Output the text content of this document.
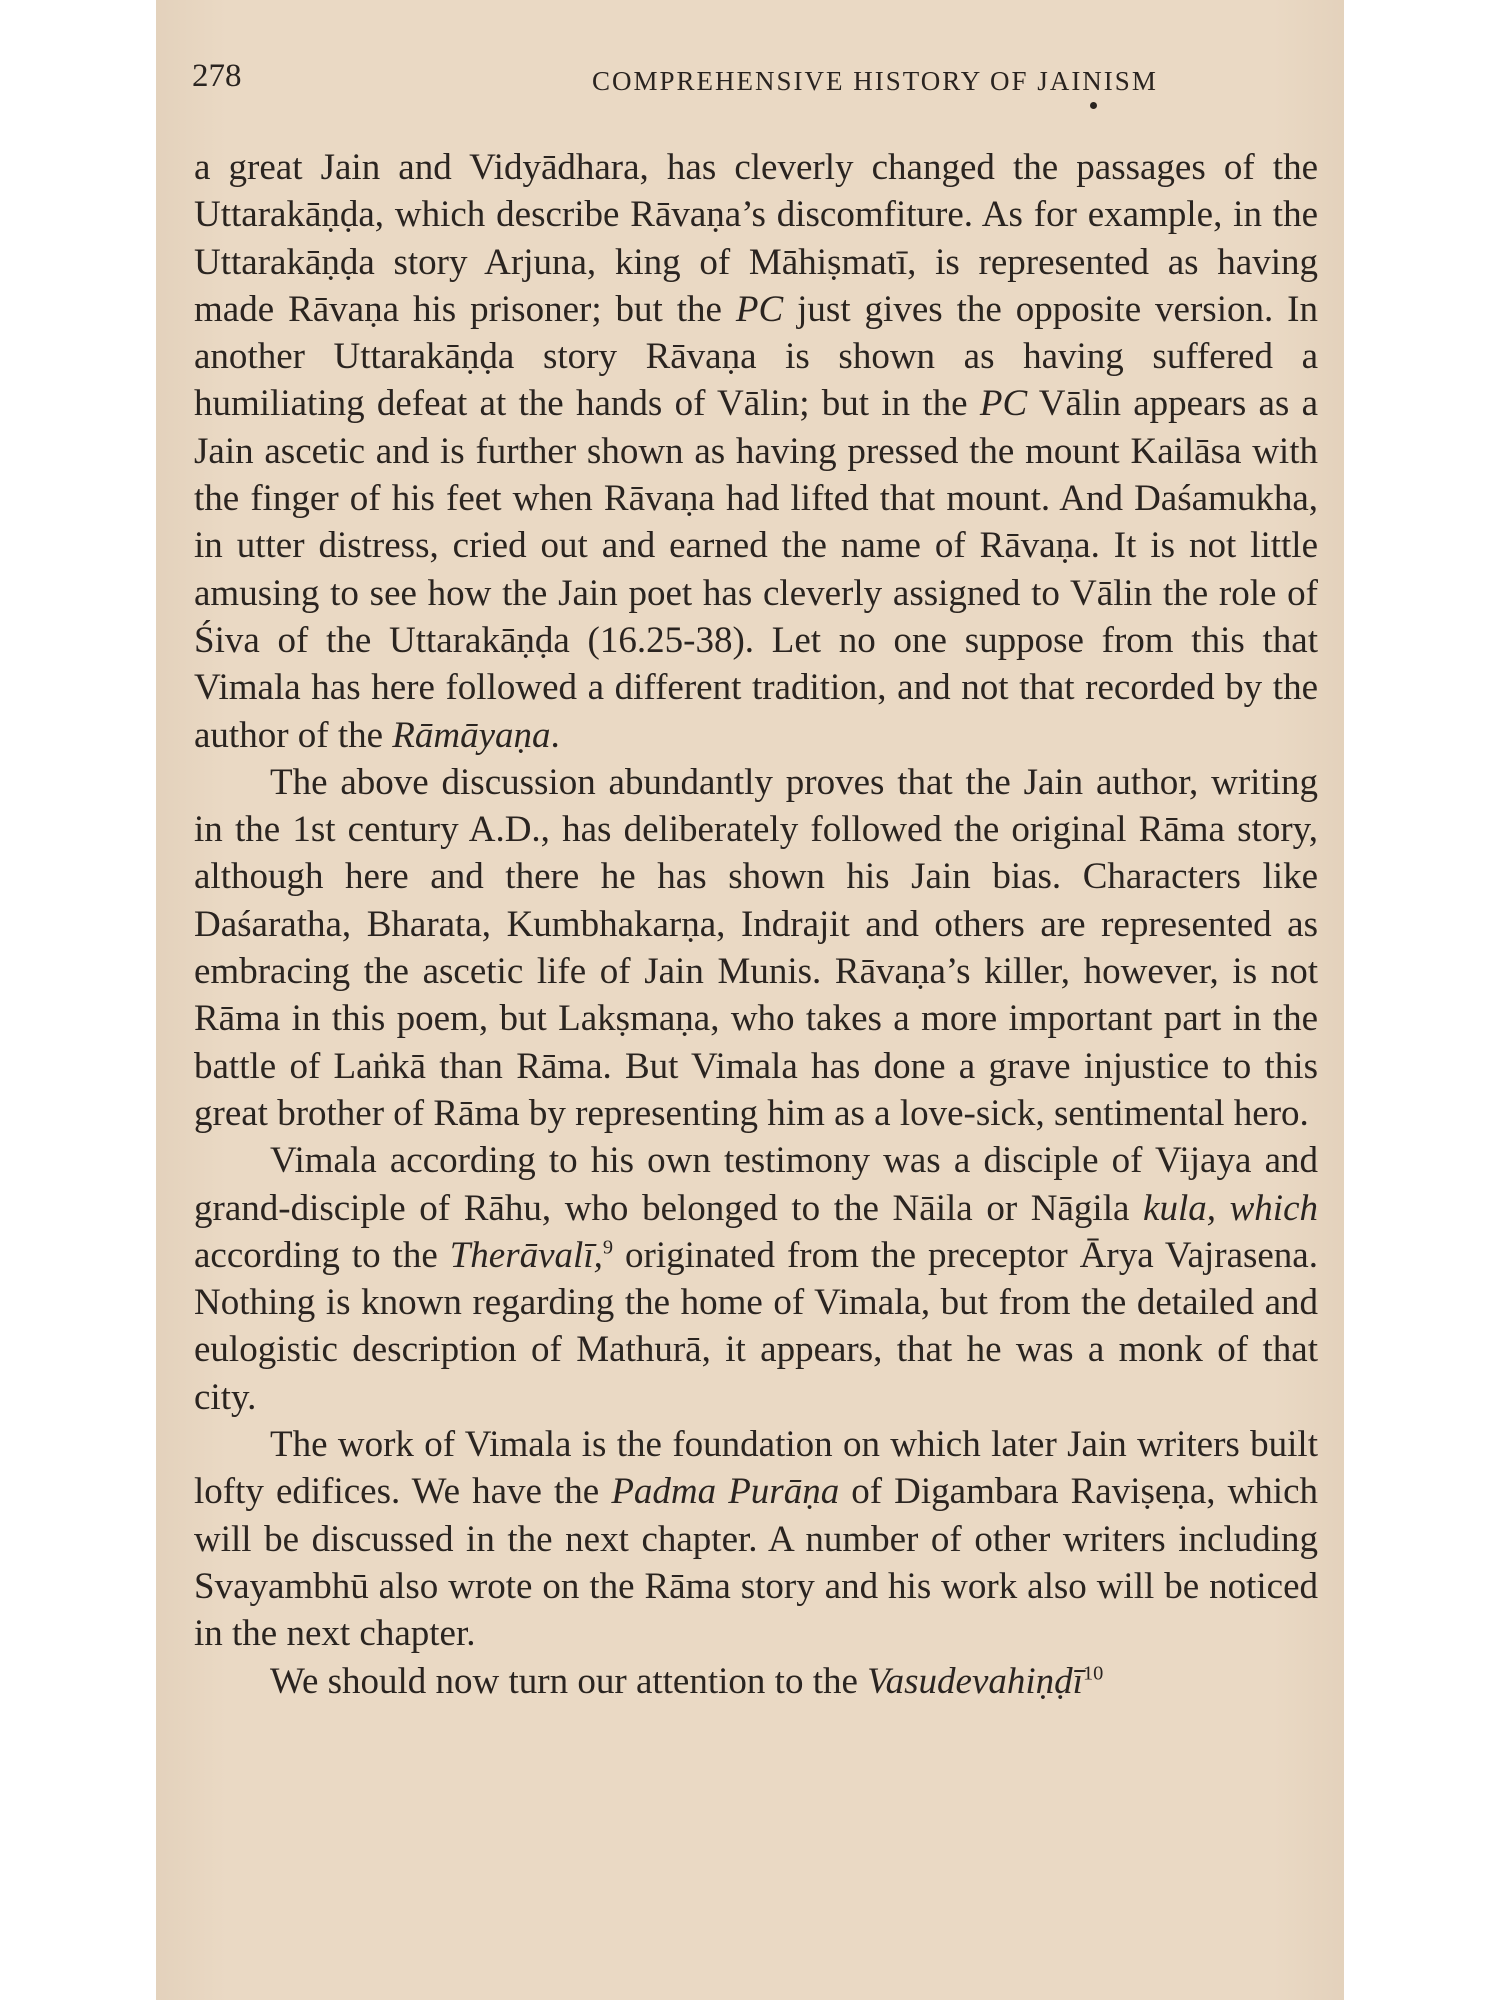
278	COMPREHENSIVE HISTORY OF JAINISM

a great Jain and Vidyādhara, has cleverly changed the passages of the Uttarakāṇḍa, which describe Rāvaṇa’s discomfiture. As for example, in the Uttarakāṇḍa story Arjuna, king of Māhiṣmatī, is represented as having made Rāvaṇa his prisoner; but the PC just gives the opposite version. In another Uttarakāṇḍa story Rāvaṇa is shown as having suffered a humiliating defeat at the hands of Vālin; but in the PC Vālin appears as a Jain ascetic and is further shown as having pressed the mount Kailāsa with the finger of his feet when Rāvaṇa had lifted that mount. And Daśamukha, in utter distress, cried out and earned the name of Rāvaṇa. It is not little amusing to see how the Jain poet has cleverly assigned to Vālin the role of Śiva of the Uttarakāṇḍa (16.25-38). Let no one suppose from this that Vimala has here followed a different tradition, and not that recorded by the author of the Rāmāyaṇa.

The above discussion abundantly proves that the Jain author, writing in the 1st century A.D., has deliberately followed the original Rāma story, although here and there he has shown his Jain bias. Characters like Daśaratha, Bharata, Kumbhakarṇa, Indrajit and others are represented as embracing the ascetic life of Jain Munis. Rāvaṇa’s killer, however, is not Rāma in this poem, but Lakṣmaṇa, who takes a more important part in the battle of Laṅkā than Rāma. But Vimala has done a grave injustice to this great brother of Rāma by representing him as a love-sick, sentimental hero.

Vimala according to his own testimony was a disciple of Vijaya and grand-disciple of Rāhu, who belonged to the Nāila or Nāgila kula, which according to the Therāvalī,$^9$ originated from the preceptor Ārya Vajrasena. Nothing is known regarding the home of Vimala, but from the detailed and eulogistic description of Mathurā, it appears, that he was a monk of that city.

The work of Vimala is the foundation on which later Jain writers built lofty edifices. We have the Padma Purāṇa of Digambara Raviṣeṇa, which will be discussed in the next chapter. A number of other writers including Svayambhū also wrote on the Rāma story and his work also will be noticed in the next chapter.

We should now turn our attention to the Vasudevahiṇḍī$^{10}$
